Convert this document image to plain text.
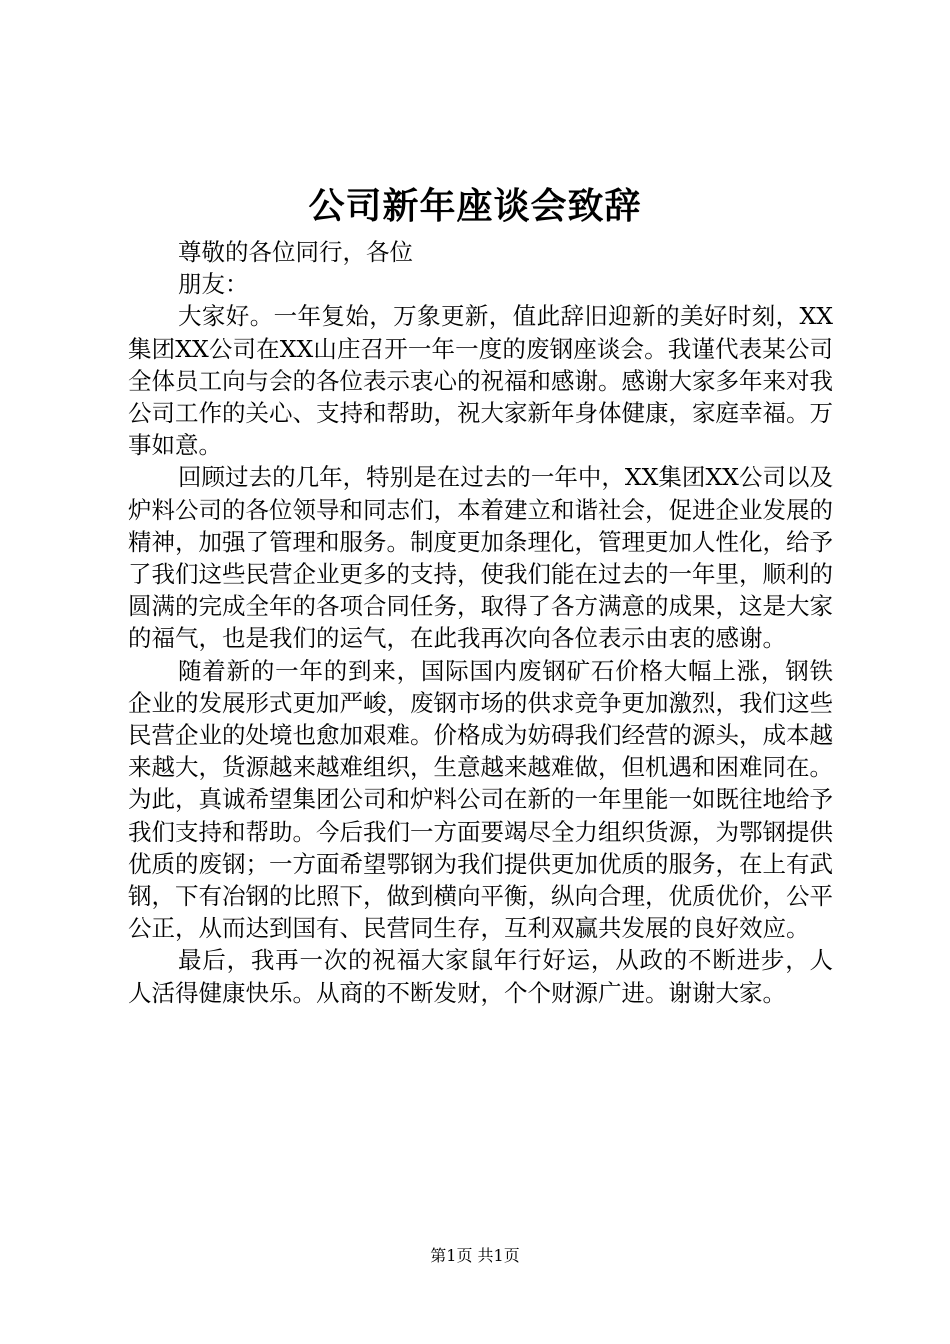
公司新年座谈会致辞

尊敬的各位同行，各位

朋友：

大家好。一年复始，万象更新，值此辞旧迎新的美好时刻，XX集团XX公司在XX山庄召开一年一度的废钢座谈会。我谨代表某公司全体员工向与会的各位表示衷心的祝福和感谢。感谢大家多年来对我公司工作的关心、支持和帮助，祝大家新年身体健康，家庭幸福。万事如意。

回顾过去的几年，特别是在过去的一年中，XX集团XX公司以及炉料公司的各位领导和同志们，本着建立和谐社会，促进企业发展的精神，加强了管理和服务。制度更加条理化，管理更加人性化，给予了我们这些民营企业更多的支持，使我们能在过去的一年里，顺利的圆满的完成全年的各项合同任务，取得了各方满意的成果，这是大家的福气，也是我们的运气，在此我再次向各位表示由衷的感谢。

随着新的一年的到来，国际国内废钢矿石价格大幅上涨，钢铁企业的发展形式更加严峻，废钢市场的供求竞争更加激烈，我们这些民营企业的处境也愈加艰难。价格成为妨碍我们经营的源头，成本越来越大，货源越来越难组织，生意越来越难做，但机遇和困难同在。为此，真诚希望集团公司和炉料公司在新的一年里能一如既往地给予我们支持和帮助。今后我们一方面要竭尽全力组织货源，为鄂钢提供优质的废钢；一方面希望鄂钢为我们提供更加优质的服务，在上有武钢，下有冶钢的比照下，做到横向平衡，纵向合理，优质优价，公平公正，从而达到国有、民营同生存，互利双赢共发展的良好效应。

最后，我再一次的祝福大家鼠年行好运，从政的不断进步，人人活得健康快乐。从商的不断发财，个个财源广进。谢谢大家。

第1页 共1页
